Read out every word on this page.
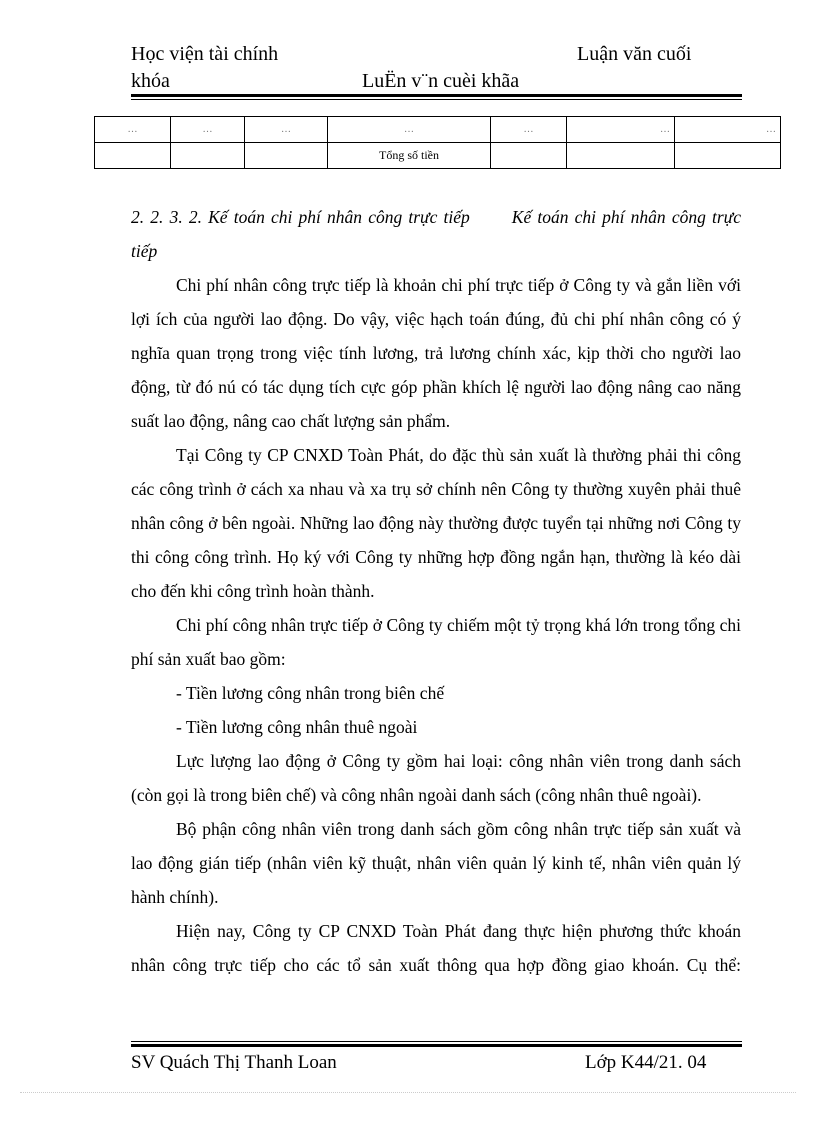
Học viện tài chính	Luận văn cuối
khóa	LuËn v¨n cuèi khãa
…	…	…	…	…	…	…
			Tổng số tiền			

2. 2. 3. 2. Kế toán chi phí nhân công trực tiếp Kế toán chi phí nhân công trực tiếp

Chi phí nhân công trực tiếp là khoản chi phí trực tiếp ở Công ty và gắn liền với lợi ích của người lao động. Do vậy, việc hạch toán đúng, đủ chi phí nhân công có ý nghĩa quan trọng trong việc tính lương, trả lương chính xác, kịp thời cho người lao động, từ đó nú có tác dụng tích cực góp phần khích lệ người lao động nâng cao năng suất lao động, nâng cao chất lượng sản phẩm.

Tại Công ty CP CNXD Toàn Phát, do đặc thù sản xuất là thường phải thi công các công trình ở cách xa nhau và xa trụ sở chính nên Công ty thường xuyên phải thuê nhân công ở bên ngoài. Những lao động này thường được tuyển tại những nơi Công ty thi công công trình. Họ ký với Công ty những hợp đồng ngắn hạn, thường là kéo dài cho đến khi công trình hoàn thành.

Chi phí công nhân trực tiếp ở Công ty chiếm một tỷ trọng khá lớn trong tổng chi phí sản xuất bao gồm:

- Tiền lương công nhân trong biên chế

- Tiền lương công nhân thuê ngoài

Lực lượng lao động ở Công ty gồm hai loại: công nhân viên trong danh sách (còn gọi là trong biên chế) và công nhân ngoài danh sách (công nhân thuê ngoài).

Bộ phận công nhân viên trong danh sách gồm công nhân trực tiếp sản xuất và lao động gián tiếp (nhân viên kỹ thuật, nhân viên quản lý kinh tế, nhân viên quản lý hành chính).

Hiện nay, Công ty CP CNXD Toàn Phát đang thực hiện phương thức khoán nhân công trực tiếp cho các tổ sản xuất thông qua hợp đồng giao khoán. Cụ thể:

SV Quách Thị Thanh Loan	Lớp K44/21. 04
